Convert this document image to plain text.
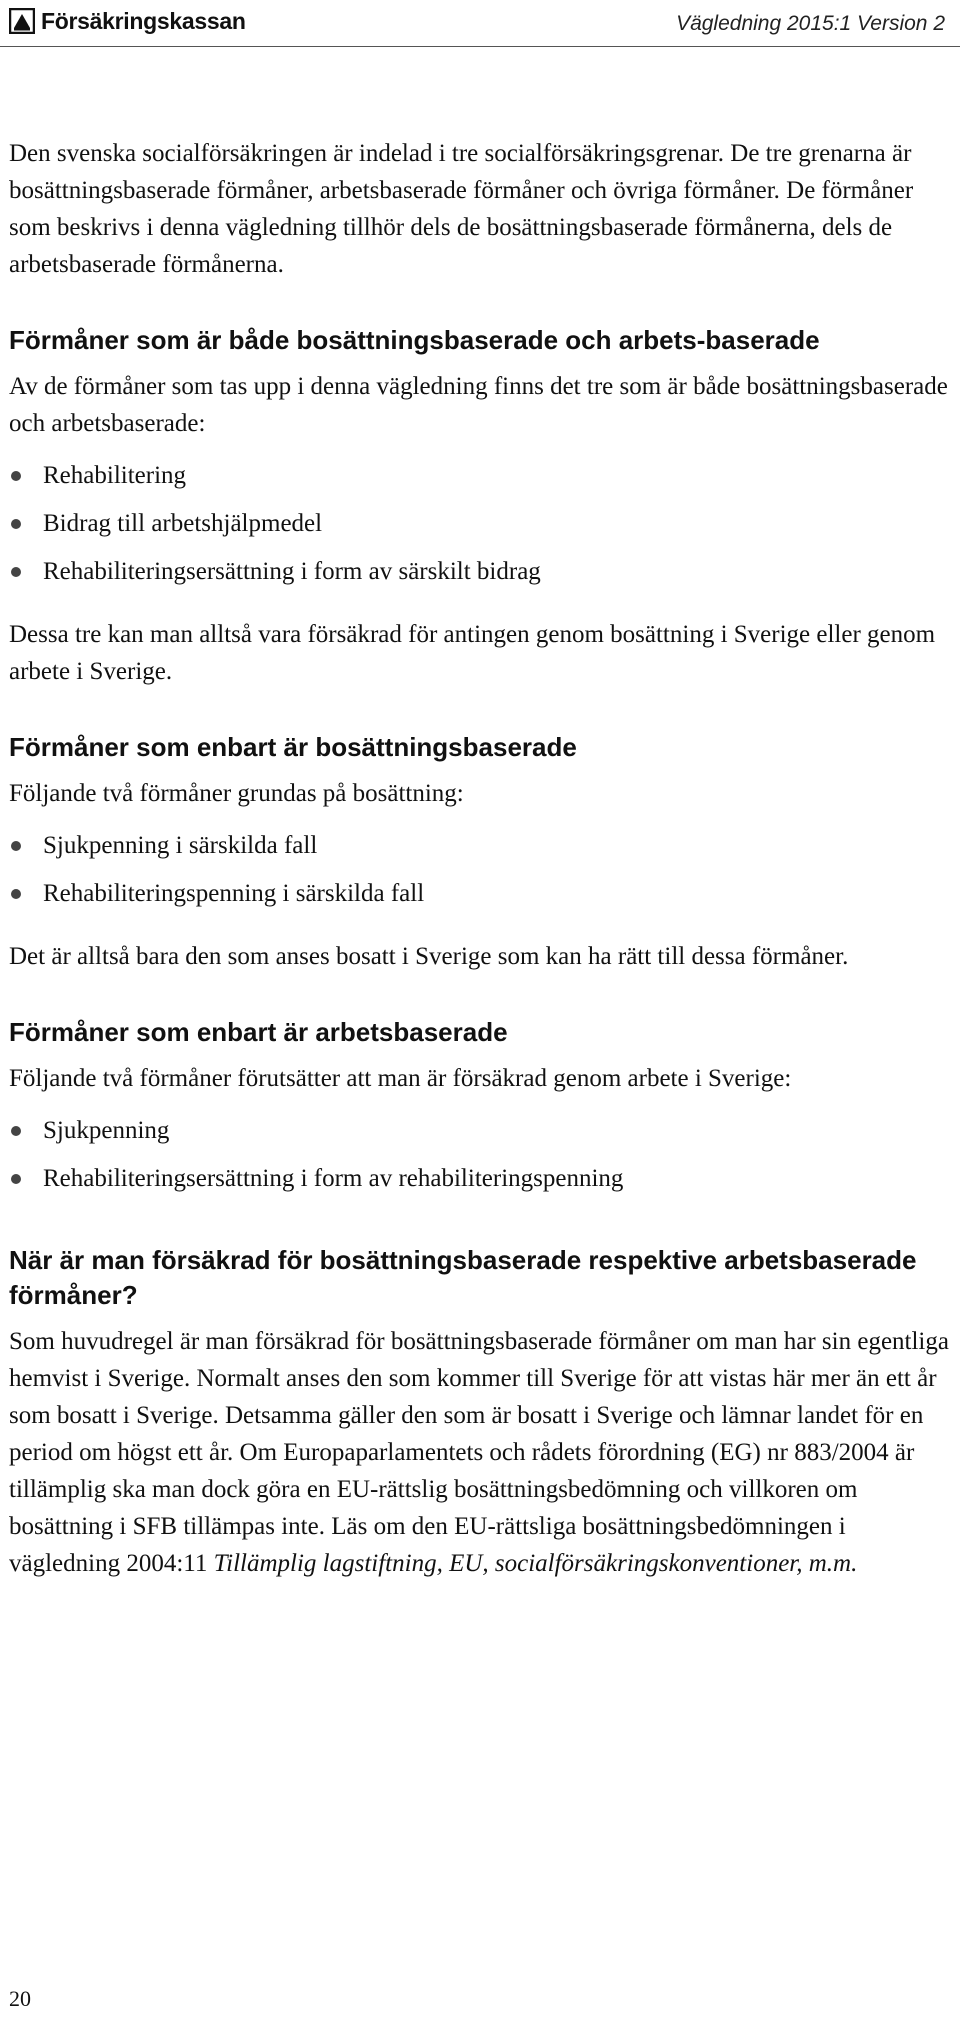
Försäkringskassan	Vägledning 2015:1 Version 2

Den svenska socialförsäkringen är indelad i tre socialförsäkringsgrenar. De tre grenarna är bosättningsbaserade förmåner, arbetsbaserade förmåner och övriga förmåner. De förmåner som beskrivs i denna vägledning tillhör dels de bosättningsbaserade förmånerna, dels de arbetsbaserade förmånerna.

Förmåner som är både bosättningsbaserade och arbets-baserade

Av de förmåner som tas upp i denna vägledning finns det tre som är både bosättningsbaserade och arbetsbaserade:

Rehabilitering
Bidrag till arbetshjälpmedel
Rehabiliteringsersättning i form av särskilt bidrag

Dessa tre kan man alltså vara försäkrad för antingen genom bosättning i Sverige eller genom arbete i Sverige.

Förmåner som enbart är bosättningsbaserade

Följande två förmåner grundas på bosättning:

Sjukpenning i särskilda fall
Rehabiliteringspenning i särskilda fall

Det är alltså bara den som anses bosatt i Sverige som kan ha rätt till dessa förmåner.

Förmåner som enbart är arbetsbaserade

Följande två förmåner förutsätter att man är försäkrad genom arbete i Sverige:

Sjukpenning
Rehabiliteringsersättning i form av rehabiliteringspenning
När är man försäkrad för bosättningsbaserade respektive arbetsbaserade förmåner?

Som huvudregel är man försäkrad för bosättningsbaserade förmåner om man har sin egentliga hemvist i Sverige. Normalt anses den som kommer till Sverige för att vistas här mer än ett år som bosatt i Sverige. Detsamma gäller den som är bosatt i Sverige och lämnar landet för en period om högst ett år. Om Europaparlamentets och rådets förordning (EG) nr 883/2004 är tillämplig ska man dock göra en EU-rättslig bosättningsbedömning och villkoren om bosättning i SFB tillämpas inte. Läs om den EU-rättsliga bosättningsbedömningen i vägledning 2004:11 Tillämplig lagstiftning, EU, socialförsäkringskonventioner, m.m.

20
